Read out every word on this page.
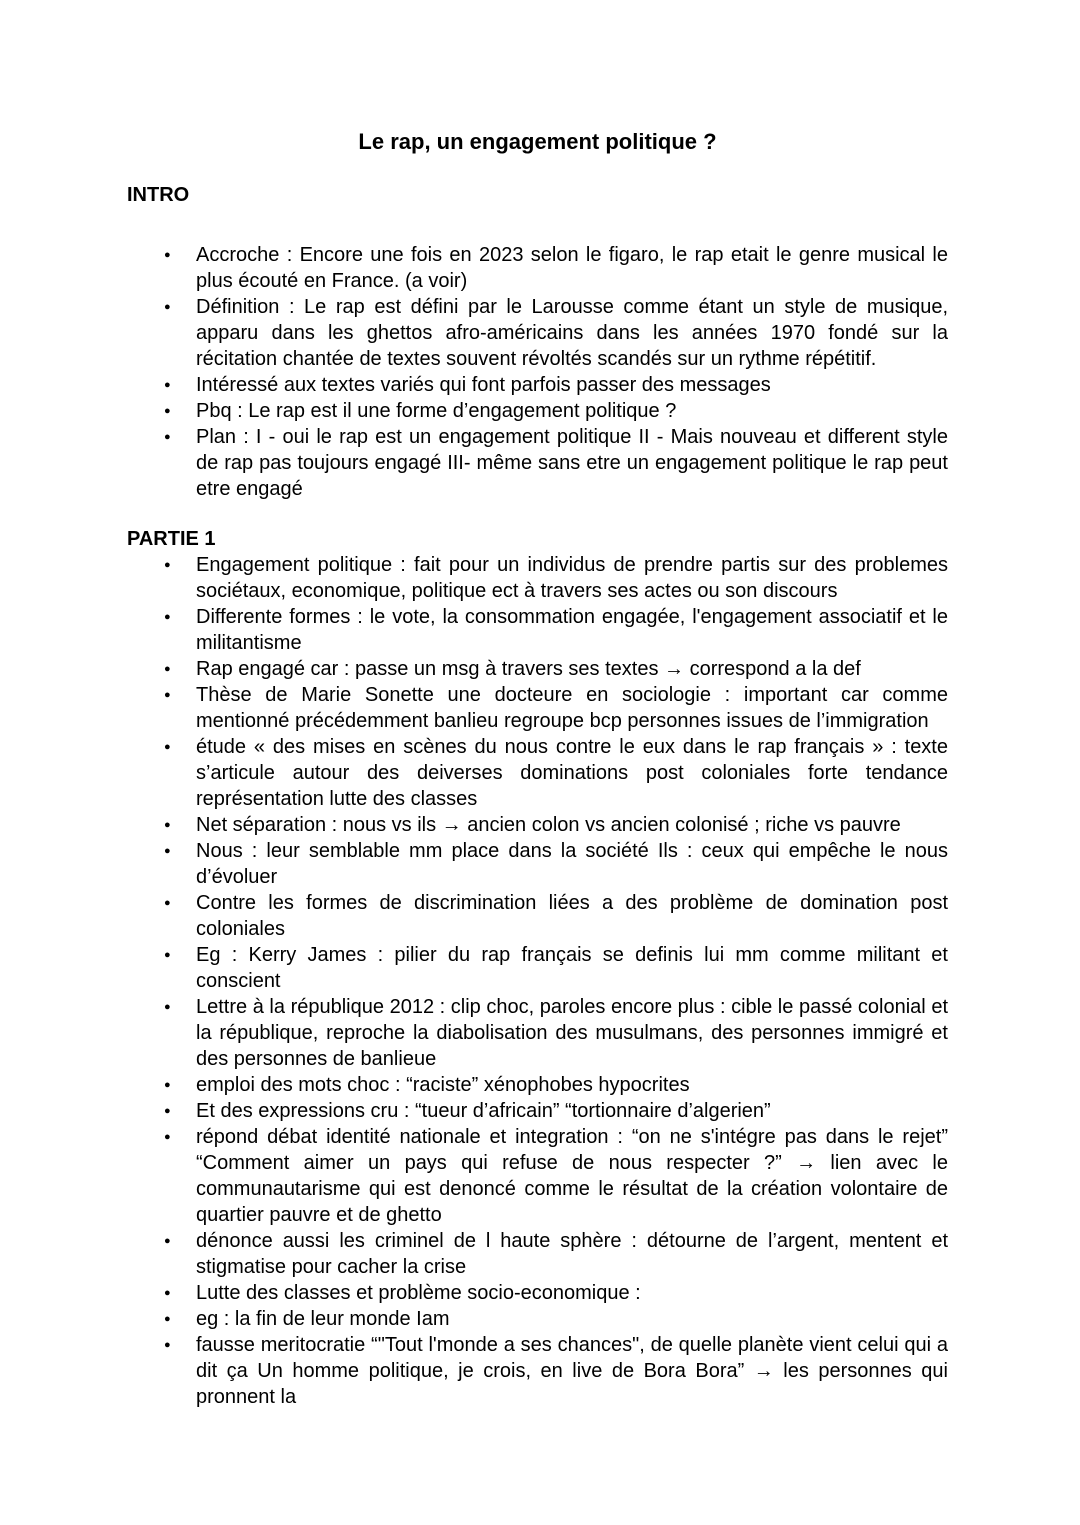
Le rap, un engagement politique ?
INTRO
● Accroche : Encore une fois en 2023 selon le figaro, le rap etait le genre musical le plus écouté en France. (a voir)
● Définition : Le rap est défini par le Larousse comme étant un style de musique, apparu dans les ghettos afro-américains dans les années 1970 fondé sur la récitation chantée de textes souvent révoltés scandés sur un rythme répétitif.
● Intéressé aux textes variés qui font parfois passer des messages
● Pbq : Le rap est il une forme d’engagement politique ?
● Plan : I - oui le rap est un engagement politique II - Mais nouveau et different style de rap pas toujours engagé III- même sans etre un engagement politique le rap peut etre engagé
PARTIE 1
● Engagement politique : fait pour un individus de prendre partis sur des problemes sociétaux, economique, politique ect à travers ses actes ou son discours
● Differente formes : le vote, la consommation engagée, l'engagement associatif et le militantisme
● Rap engagé car : passe un msg à travers ses textes → correspond a la def
● Thèse de Marie Sonette une docteure en sociologie : important car comme mentionné précédemment banlieu regroupe bcp personnes issues de l’immigration
● étude « des mises en scènes du nous contre le eux dans le rap français » : texte s’articule autour des deiverses dominations post coloniales forte tendance représentation lutte des classes
● Net séparation : nous vs ils → ancien colon vs ancien colonisé ; riche vs pauvre
● Nous : leur semblable mm place dans la société Ils : ceux qui empêche le nous d’évoluer
● Contre les formes de discrimination liées a des problème de domination post coloniales
● Eg : Kerry James : pilier du rap français se definis lui mm comme militant et conscient
● Lettre à la république 2012 : clip choc, paroles encore plus : cible le passé colonial et la république, reproche la diabolisation des musulmans, des personnes immigré et des personnes de banlieue
● emploi des mots choc : “raciste” xénophobes hypocrites
● Et des expressions cru : “tueur d’africain” “tortionnaire d’algerien”
● répond débat identité nationale et integration : “on ne s'intégre pas dans le rejet” “Comment aimer un pays qui refuse de nous respecter ?” → lien avec le communautarisme qui est denoncé comme le résultat de la création volontaire de quartier pauvre et de ghetto
● dénonce aussi les criminel de l haute sphère : détourne de l’argent, mentent et stigmatise pour cacher la crise
● Lutte des classes et problème socio-economique :
● eg : la fin de leur monde Iam
● fausse meritocratie “"Tout l'monde a ses chances", de quelle planète vient celui qui a dit ça Un homme politique, je crois, en live de Bora Bora” → les personnes qui pronnent la
